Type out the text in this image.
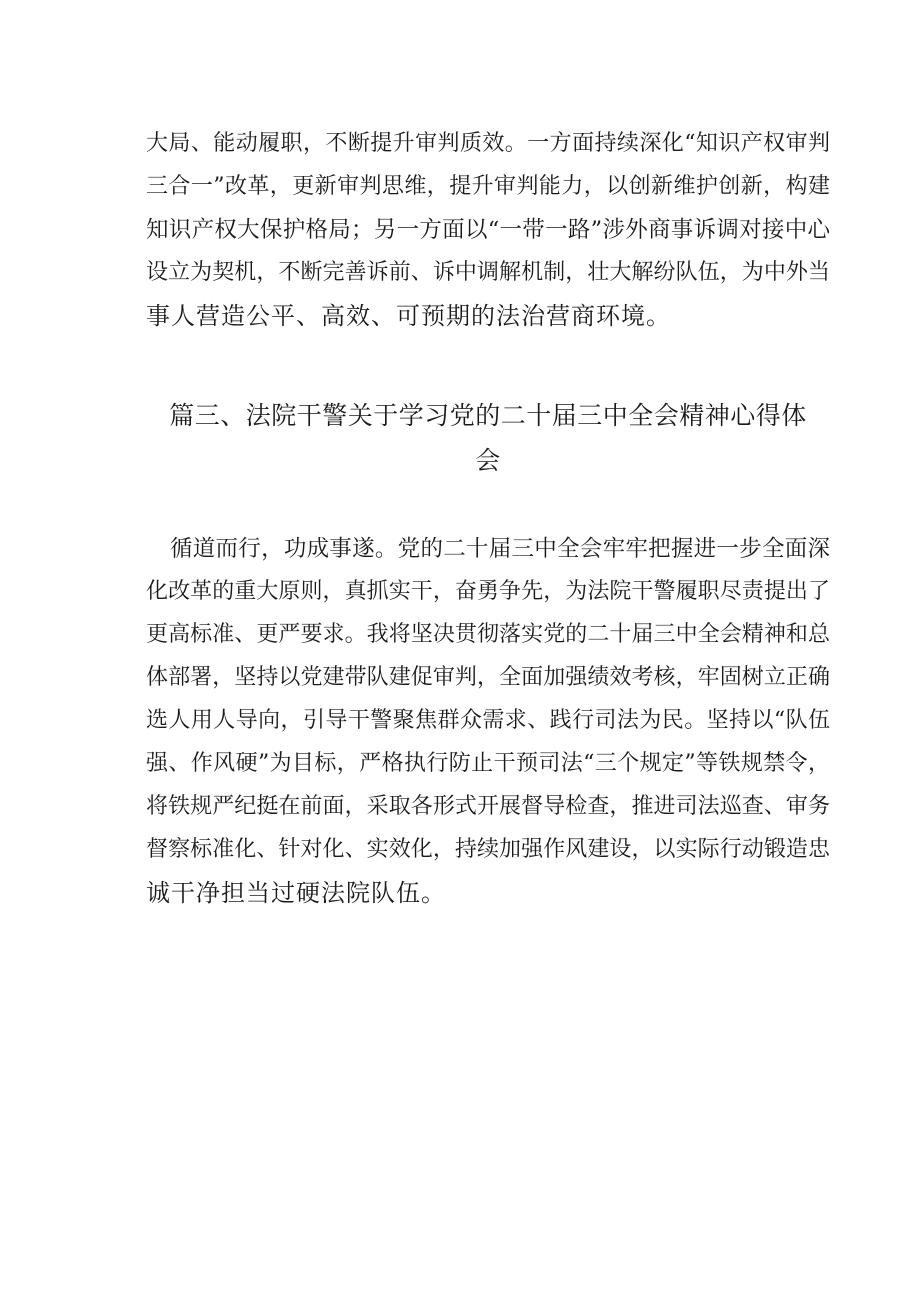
大局、能动履职，不断提升审判质效。一方面持续深化“知识产权审判
三合一”改革，更新审判思维，提升审判能力，以创新维护创新，构建
知识产权大保护格局；另一方面以“一带一路”涉外商事诉调对接中心
设立为契机，不断完善诉前、诉中调解机制，壮大解纷队伍，为中外当
事人营造公平、高效、可预期的法治营商环境。
篇三、法院干警关于学习党的二十届三中全会精神心得体
会
循道而行，功成事遂。党的二十届三中全会牢牢把握进一步全面深
化改革的重大原则，真抓实干，奋勇争先，为法院干警履职尽责提出了
更高标准、更严要求。我将坚决贯彻落实党的二十届三中全会精神和总
体部署，坚持以党建带队建促审判，全面加强绩效考核，牢固树立正确
选人用人导向，引导干警聚焦群众需求、践行司法为民。坚持以“队伍
强、作风硬”为目标，严格执行防止干预司法“三个规定”等铁规禁令，
将铁规严纪挺在前面，采取各形式开展督导检查，推进司法巡查、审务
督察标准化、针对化、实效化，持续加强作风建设，以实际行动锻造忠
诚干净担当过硬法院队伍。
